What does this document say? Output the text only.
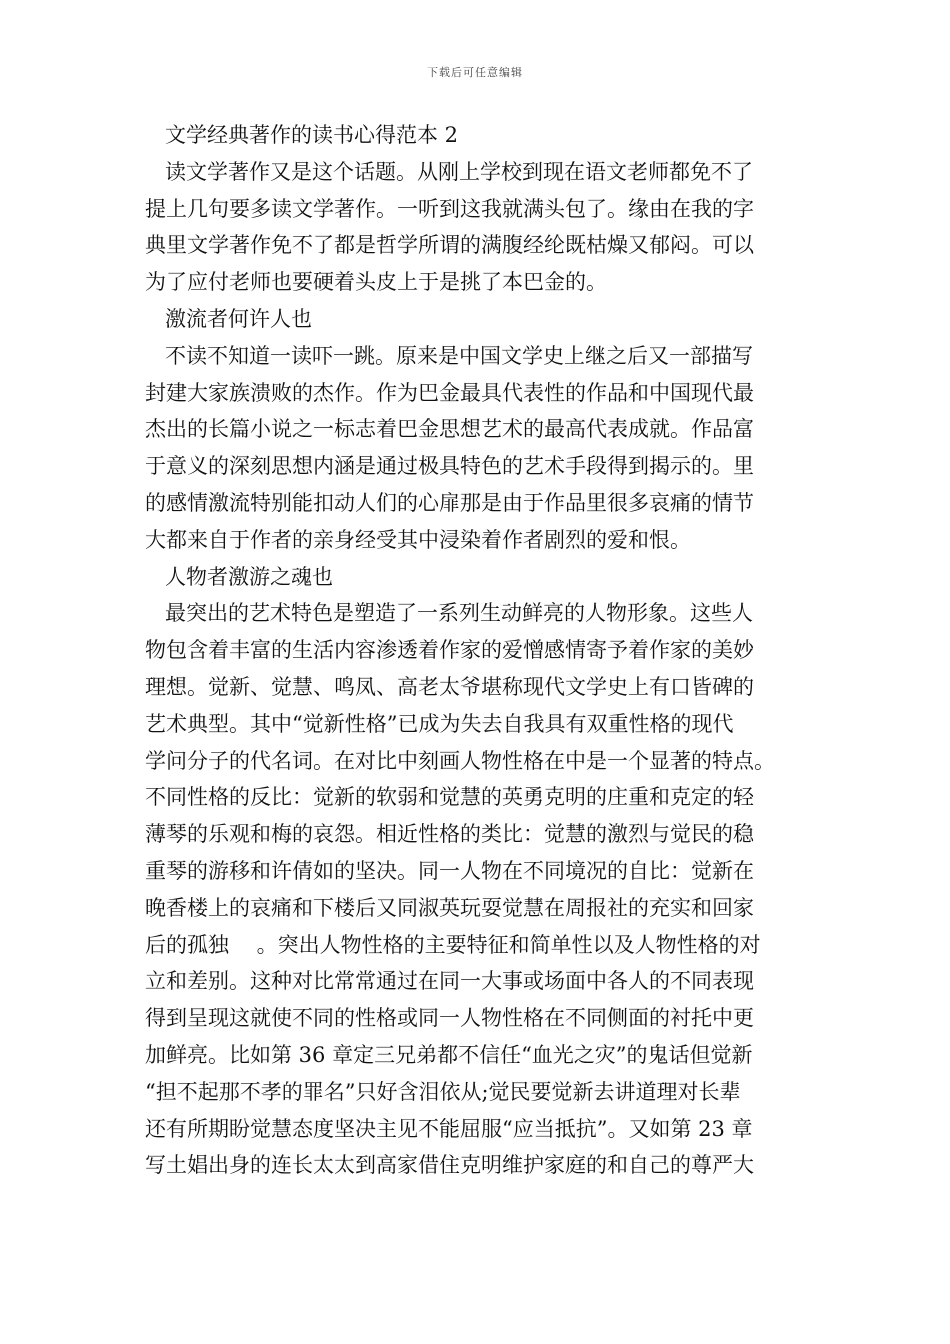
下载后可任意编辑
文学经典著作的读书心得范本 2
读文学著作又是这个话题。从刚上学校到现在语文老师都免不了
提上几句要多读文学著作。一听到这我就满头包了。缘由在我的字
典里文学著作免不了都是哲学所谓的满腹经纶既枯燥又郁闷。可以
为了应付老师也要硬着头皮上于是挑了本巴金的。
激流者何许人也
不读不知道一读吓一跳。原来是中国文学史上继之后又一部描写
封建大家族溃败的杰作。作为巴金最具代表性的作品和中国现代最
杰出的长篇小说之一标志着巴金思想艺术的最高代表成就。作品富
于意义的深刻思想内涵是通过极具特色的艺术手段得到揭示的。里
的感情激流特别能扣动人们的心扉那是由于作品里很多哀痛的情节
大都来自于作者的亲身经受其中浸染着作者剧烈的爱和恨。
人物者激游之魂也
最突出的艺术特色是塑造了一系列生动鲜亮的人物形象。这些人
物包含着丰富的生活内容渗透着作家的爱憎感情寄予着作家的美妙
理想。觉新、觉慧、鸣凤、高老太爷堪称现代文学史上有口皆碑的
艺术典型。其中“觉新性格”已成为失去自我具有双重性格的现代
学问分子的代名词。在对比中刻画人物性格在中是一个显著的特点。
不同性格的反比：觉新的软弱和觉慧的英勇克明的庄重和克定的轻
薄琴的乐观和梅的哀怨。相近性格的类比：觉慧的激烈与觉民的稳
重琴的游移和许倩如的坚决。同一人物在不同境况的自比：觉新在
晚香楼上的哀痛和下楼后又同淑英玩耍觉慧在周报社的充实和回家
后的孤独　 。突出人物性格的主要特征和简单性以及人物性格的对
立和差别。这种对比常常通过在同一大事或场面中各人的不同表现
得到呈现这就使不同的性格或同一人物性格在不同侧面的衬托中更
加鲜亮。比如第 36 章定三兄弟都不信任“血光之灾”的鬼话但觉新
“担不起那不孝的罪名”只好含泪依从;觉民要觉新去讲道理对长辈
还有所期盼觉慧态度坚决主见不能屈服“应当抵抗”。又如第 23 章
写土娼出身的连长太太到高家借住克明维护家庭的和自己的尊严大
